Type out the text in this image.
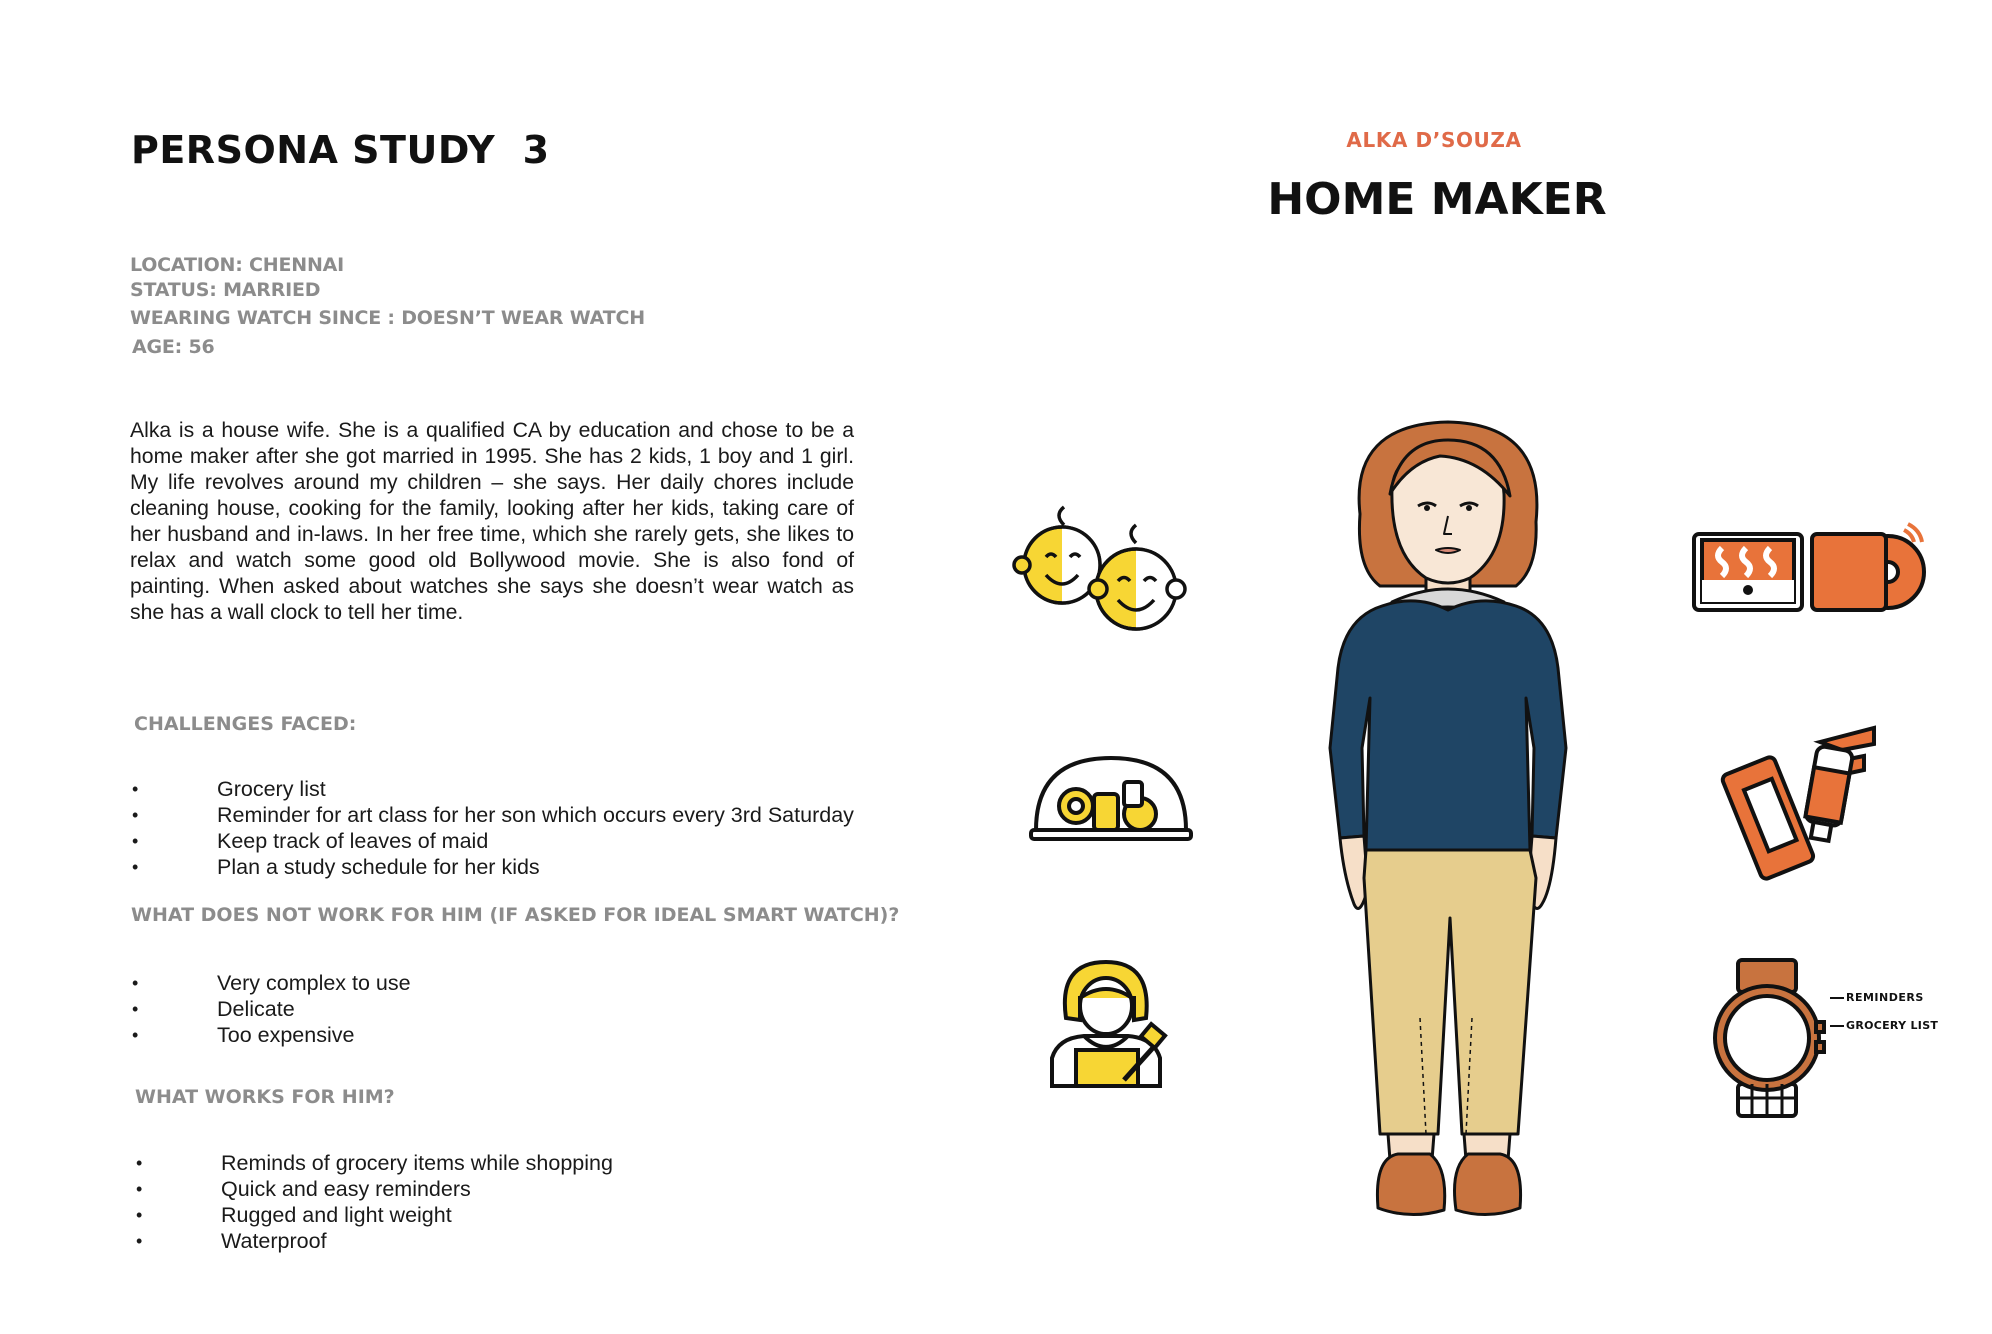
PERSONA STUDY  3
LOCATION: CHENNAI
STATUS: MARRIED
WEARING WATCH SINCE : DOESN’T WEAR WATCH
AGE: 56
Alka is a house wife. She is a qualified CA by education and chose to be a home maker after she got married in 1995. She has 2 kids, 1 boy and 1 girl. My life revolves around my children – she says. Her daily chores include cleaning house, cooking for the family, looking after her kids, taking care of her husband and in-laws. In her free time, which she rarely gets, she likes to relax and watch some good old Bollywood movie. She is also fond of painting. When asked about watches she says she doesn’t wear watch as she has a wall clock to tell her time.
CHALLENGES FACED:
• Grocery list
• Reminder for art class for her son which occurs every 3rd Saturday
• Keep track of leaves of maid
• Plan a study schedule for her kids
WHAT DOES NOT WORK FOR HIM (IF ASKED FOR IDEAL SMART WATCH)?
• Very complex to use
• Delicate
• Too expensive
WHAT WORKS FOR HIM?
• Reminds of grocery items while shopping
• Quick and easy reminders
• Rugged and light weight
• Waterproof
ALKA D’SOUZA
HOME MAKER
REMINDERS
GROCERY LIST
